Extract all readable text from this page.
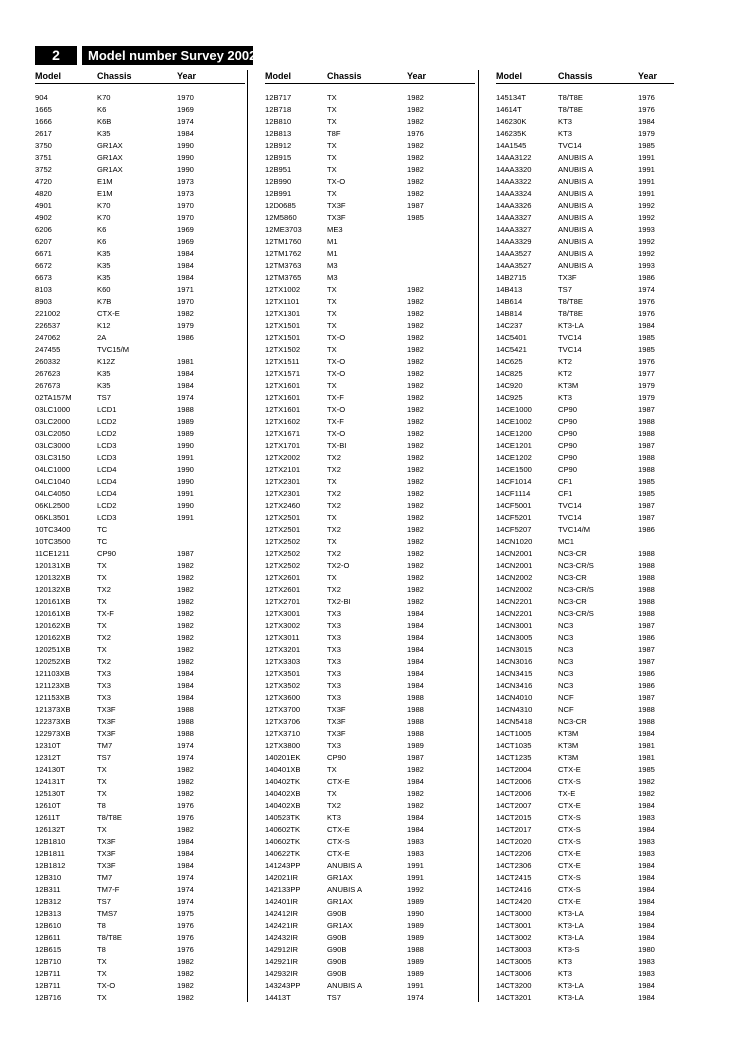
2	Model number Survey 2002
Model	Chassis	Year
904	K70	1970
1665	K6	1969
1666	K6B	1974
2617	K35	1984
3750	GR1AX	1990
3751	GR1AX	1990
3752	GR1AX	1990
4720	E1M	1973
4820	E1M	1973
4901	K70	1970
4902	K70	1970
6206	K6	1969
6207	K6	1969
6671	K35	1984
6672	K35	1984
6673	K35	1984
8103	K60	1971
8903	K7B	1970
221002	CTX-E	1982
226537	K12	1979
247062	2A	1986
247455	TVC15/M
260332	K12Z	1981
267623	K35	1984
267673	K35	1984
02TA157M	TS7	1974
03LC1000	LCD1	1988
03LC2000	LCD2	1989
03LC2050	LCD2	1989
03LC3000	LCD3	1990
03LC3150	LCD3	1991
04LC1000	LCD4	1990
04LC1040	LCD4	1990
04LC4050	LCD4	1991
06KL2500	LCD2	1990
06KL3501	LCD3	1991
10TC3400	TC
10TC3500	TC
11CE1211	CP90	1987
120131XB	TX	1982
120132XB	TX	1982
120132XB	TX2	1982
120161XB	TX	1982
120161XB	TX-F	1982
120162XB	TX	1982
120162XB	TX2	1982
120251XB	TX	1982
120252XB	TX2	1982
121103XB	TX3	1984
121123XB	TX3	1984
121153XB	TX3	1984
121373XB	TX3F	1988
122373XB	TX3F	1988
122973XB	TX3F	1988
12310T	TM7	1974
12312T	TS7	1974
124130T	TX	1982
124131T	TX	1982
125130T	TX	1982
12610T	T8	1976
12611T	T8/T8E	1976
126132T	TX	1982
12B1810	TX3F	1984
12B1811	TX3F	1984
12B1812	TX3F	1984
12B310	TM7	1974
12B311	TM7-F	1974
12B312	TS7	1974
12B313	TMS7	1975
12B610	T8	1976
12B611	T8/T8E	1976
12B615	T8	1976
12B710	TX	1982
12B711	TX	1982
12B711	TX-O	1982
12B716	TX	1982
Model	Chassis	Year
12B717	TX	1982
12B718	TX	1982
12B810	TX	1982
12B813	T8F	1976
12B912	TX	1982
12B915	TX	1982
12B951	TX	1982
12B990	TX-O	1982
12B991	TX	1982
12D0685	TX3F	1987
12M5860	TX3F	1985
12ME3703	ME3
12TM1760	M1
12TM1762	M1
12TM3763	M3
12TM3765	M3
12TX1002	TX	1982
12TX1101	TX	1982
12TX1301	TX	1982
12TX1501	TX	1982
12TX1501	TX-O	1982
12TX1502	TX	1982
12TX1511	TX-O	1982
12TX1571	TX-O	1982
12TX1601	TX	1982
12TX1601	TX-F	1982
12TX1601	TX-O	1982
12TX1602	TX-F	1982
12TX1671	TX-O	1982
12TX1701	TX-BI	1982
12TX2002	TX2	1982
12TX2101	TX2	1982
12TX2301	TX	1982
12TX2301	TX2	1982
12TX2460	TX2	1982
12TX2501	TX	1982
12TX2501	TX2	1982
12TX2502	TX	1982
12TX2502	TX2	1982
12TX2502	TX2-O	1982
12TX2601	TX	1982
12TX2601	TX2	1982
12TX2701	TX2-BI	1982
12TX3001	TX3	1984
12TX3002	TX3	1984
12TX3011	TX3	1984
12TX3201	TX3	1984
12TX3303	TX3	1984
12TX3501	TX3	1984
12TX3502	TX3	1984
12TX3600	TX3	1988
12TX3700	TX3F	1988
12TX3706	TX3F	1988
12TX3710	TX3F	1988
12TX3800	TX3	1989
140201EK	CP90	1987
140401XB	TX	1982
140402TK	CTX-E	1984
140402XB	TX	1982
140402XB	TX2	1982
140523TK	KT3	1984
140602TK	CTX-E	1984
140602TK	CTX-S	1983
140622TK	CTX-E	1983
141243PP	ANUBIS A	1991
142021IR	GR1AX	1991
142133PP	ANUBIS A	1992
142401IR	GR1AX	1989
142412IR	G90B	1990
142421IR	GR1AX	1989
142432IR	G90B	1989
142912IR	G90B	1988
142921IR	G90B	1989
142932IR	G90B	1989
143243PP	ANUBIS A	1991
14413T	TS7	1974
Model	Chassis	Year
145134T	T8/T8E	1976
14614T	T8/T8E	1976
146230K	KT3	1984
146235K	KT3	1979
14A1545	TVC14	1985
14AA3122	ANUBIS A	1991
14AA3320	ANUBIS A	1991
14AA3322	ANUBIS A	1991
14AA3324	ANUBIS A	1991
14AA3326	ANUBIS A	1992
14AA3327	ANUBIS A	1992
14AA3327	ANUBIS A	1993
14AA3329	ANUBIS A	1992
14AA3527	ANUBIS A	1992
14AA3527	ANUBIS A	1993
14B2715	TX3F	1986
14B413	TS7	1974
14B614	T8/T8E	1976
14B814	T8/T8E	1976
14C237	KT3-LA	1984
14C5401	TVC14	1985
14C5421	TVC14	1985
14C625	KT2	1976
14C825	KT2	1977
14C920	KT3M	1979
14C925	KT3	1979
14CE1000	CP90	1987
14CE1002	CP90	1988
14CE1200	CP90	1988
14CE1201	CP90	1987
14CE1202	CP90	1988
14CE1500	CP90	1988
14CF1014	CF1	1985
14CF1114	CF1	1985
14CF5001	TVC14	1987
14CF5201	TVC14	1987
14CF5207	TVC14/M	1986
14CN1020	MC1
14CN2001	NC3-CR	1988
14CN2001	NC3-CR/S	1988
14CN2002	NC3-CR	1988
14CN2002	NC3-CR/S	1988
14CN2201	NC3-CR	1988
14CN2201	NC3-CR/S	1988
14CN3001	NC3	1987
14CN3005	NC3	1986
14CN3015	NC3	1987
14CN3016	NC3	1987
14CN3415	NC3	1986
14CN3416	NC3	1986
14CN4010	NCF	1987
14CN4310	NCF	1988
14CN5418	NC3-CR	1988
14CT1005	KT3M	1984
14CT1035	KT3M	1981
14CT1235	KT3M	1981
14CT2004	CTX-E	1985
14CT2006	CTX-S	1982
14CT2006	TX-E	1982
14CT2007	CTX-E	1984
14CT2015	CTX-S	1983
14CT2017	CTX-S	1984
14CT2020	CTX-S	1983
14CT2206	CTX-E	1983
14CT2306	CTX-E	1984
14CT2415	CTX-S	1984
14CT2416	CTX-S	1984
14CT2420	CTX-E	1984
14CT3000	KT3-LA	1984
14CT3001	KT3-LA	1984
14CT3002	KT3-LA	1984
14CT3003	KT3-S	1980
14CT3005	KT3	1983
14CT3006	KT3	1983
14CT3200	KT3-LA	1984
14CT3201	KT3-LA	1984
